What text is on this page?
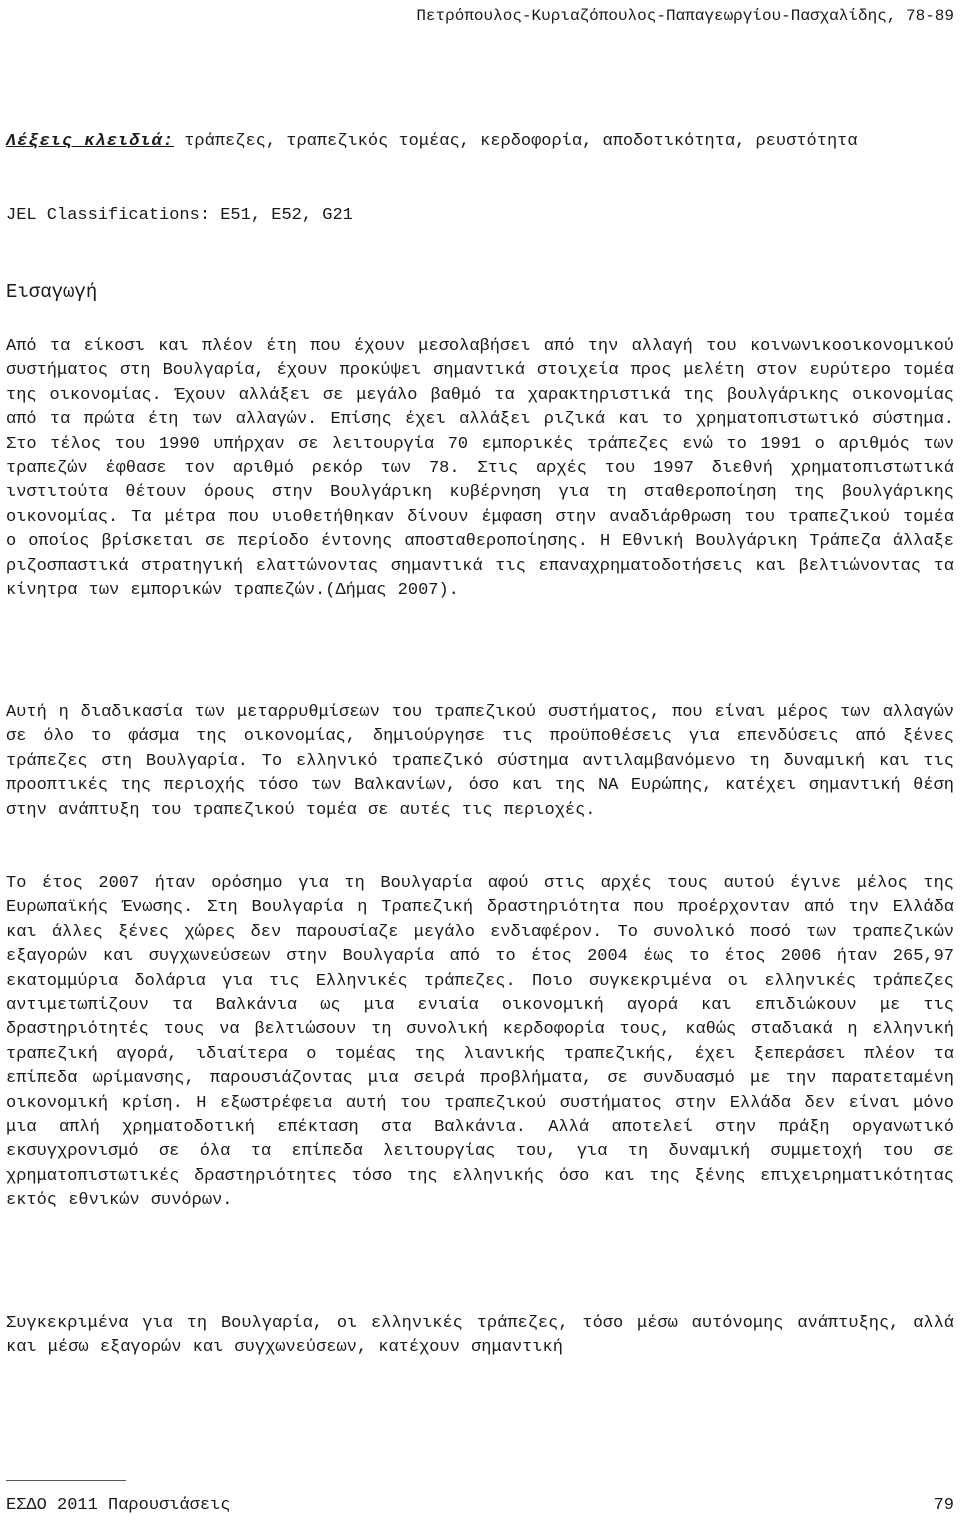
Πετρόπουλος-Κυριαζόπουλος-Παπαγεωργίου-Πασχαλίδης, 78-89

Λέξεις κλειδιά: τράπεζες, τραπεζικός τομέας, κερδοφορία, αποδοτικότητα, ρευστότητα

JEL Classifications: E51, E52, G21

Εισαγωγή

Από τα είκοσι και πλέον έτη που έχουν μεσολαβήσει από την αλλαγή του κοινωνικοοικονομικού συστήματος στη Βουλγαρία, έχουν προκύψει σημαντικά στοιχεία προς μελέτη στον ευρύτερο τομέα της οικονομίας. Έχουν αλλάξει σε μεγάλο βαθμό τα χαρακτηριστικά της βουλγάρικης οικονομίας από τα πρώτα έτη των αλλαγών. Επίσης έχει αλλάξει ριζικά και το χρηματοπιστωτικό σύστημα. Στο τέλος του 1990 υπήρχαν σε λειτουργία 70 εμπορικές τράπεζες ενώ το 1991 ο αριθμός των τραπεζών έφθασε τον αριθμό ρεκόρ των 78. Στις αρχές του 1997 διεθνή χρηματοπιστωτικά ινστιτούτα θέτουν όρους στην Βουλγάρικη κυβέρνηση για τη σταθεροποίηση της βουλγάρικης οικονομίας. Τα μέτρα που υιοθετήθηκαν δίνουν έμφαση στην αναδιάρθρωση του τραπεζικού τομέα ο οποίος βρίσκεται σε περίοδο έντονης αποσταθεροποίησης. Η Εθνική Βουλγάρικη Τράπεζα άλλαξε ριζοσπαστικά στρατηγική ελαττώνοντας σημαντικά τις επαναχρηματοδοτήσεις και βελτιώνοντας τα κίνητρα των εμπορικών τραπεζών.(Δήμας 2007).

Αυτή η διαδικασία των μεταρρυθμίσεων του τραπεζικού συστήματος, που είναι μέρος των αλλαγών σε όλο το φάσμα της οικονομίας, δημιούργησε τις προϋποθέσεις για επενδύσεις από ξένες τράπεζες στη Βουλγαρία. Το ελληνικό τραπεζικό σύστημα αντιλαμβανόμενο τη δυναμική και τις προοπτικές της περιοχής τόσο των Βαλκανίων, όσο και της ΝΑ Ευρώπης, κατέχει σημαντική θέση στην ανάπτυξη του τραπεζικού τομέα σε αυτές τις περιοχές.

Το έτος 2007 ήταν ορόσημο για τη Βουλγαρία αφού στις αρχές τους αυτού έγινε μέλος της Ευρωπαϊκής Ένωσης. Στη Βουλγαρία η Τραπεζική δραστηριότητα που προέρχονταν από την Ελλάδα και άλλες ξένες χώρες δεν παρουσίαζε μεγάλο ενδιαφέρον. Το συνολικό ποσό των τραπεζικών εξαγορών και συγχωνεύσεων στην Βουλγαρία από το έτος 2004 έως το έτος 2006 ήταν 265,97 εκατομμύρια δολάρια για τις Ελληνικές τράπεζες. Ποιο συγκεκριμένα οι ελληνικές τράπεζες αντιμετωπίζουν τα Βαλκάνια ως μια ενιαία οικονομική αγορά και επιδιώκουν με τις δραστηριότητές τους να βελτιώσουν τη συνολική κερδοφορία τους, καθώς σταδιακά η ελληνική τραπεζική αγορά, ιδιαίτερα ο τομέας της λιανικής τραπεζικής, έχει ξεπεράσει πλέον τα επίπεδα ωρίμανσης, παρουσιάζοντας μια σειρά προβλήματα, σε συνδυασμό με την παρατεταμένη οικονομική κρίση. Η εξωστρέφεια αυτή του τραπεζικού συστήματος στην Ελλάδα δεν είναι μόνο μια απλή χρηματοδοτική επέκταση στα Βαλκάνια. Αλλά αποτελεί στην πράξη οργανωτικό εκσυγχρονισμό σε όλα τα επίπεδα λειτουργίας του, για τη δυναμική συμμετοχή του σε χρηματοπιστωτικές δραστηριότητες τόσο της ελληνικής όσο και της ξένης επιχειρηματικότητας εκτός εθνικών συνόρων.

Συγκεκριμένα για τη Βουλγαρία, οι ελληνικές τράπεζες, τόσο μέσω αυτόνομης ανάπτυξης, αλλά και μέσω εξαγορών και συγχωνεύσεων, κατέχουν σημαντική

ΕΣΔΟ 2011 Παρουσιάσεις	79
